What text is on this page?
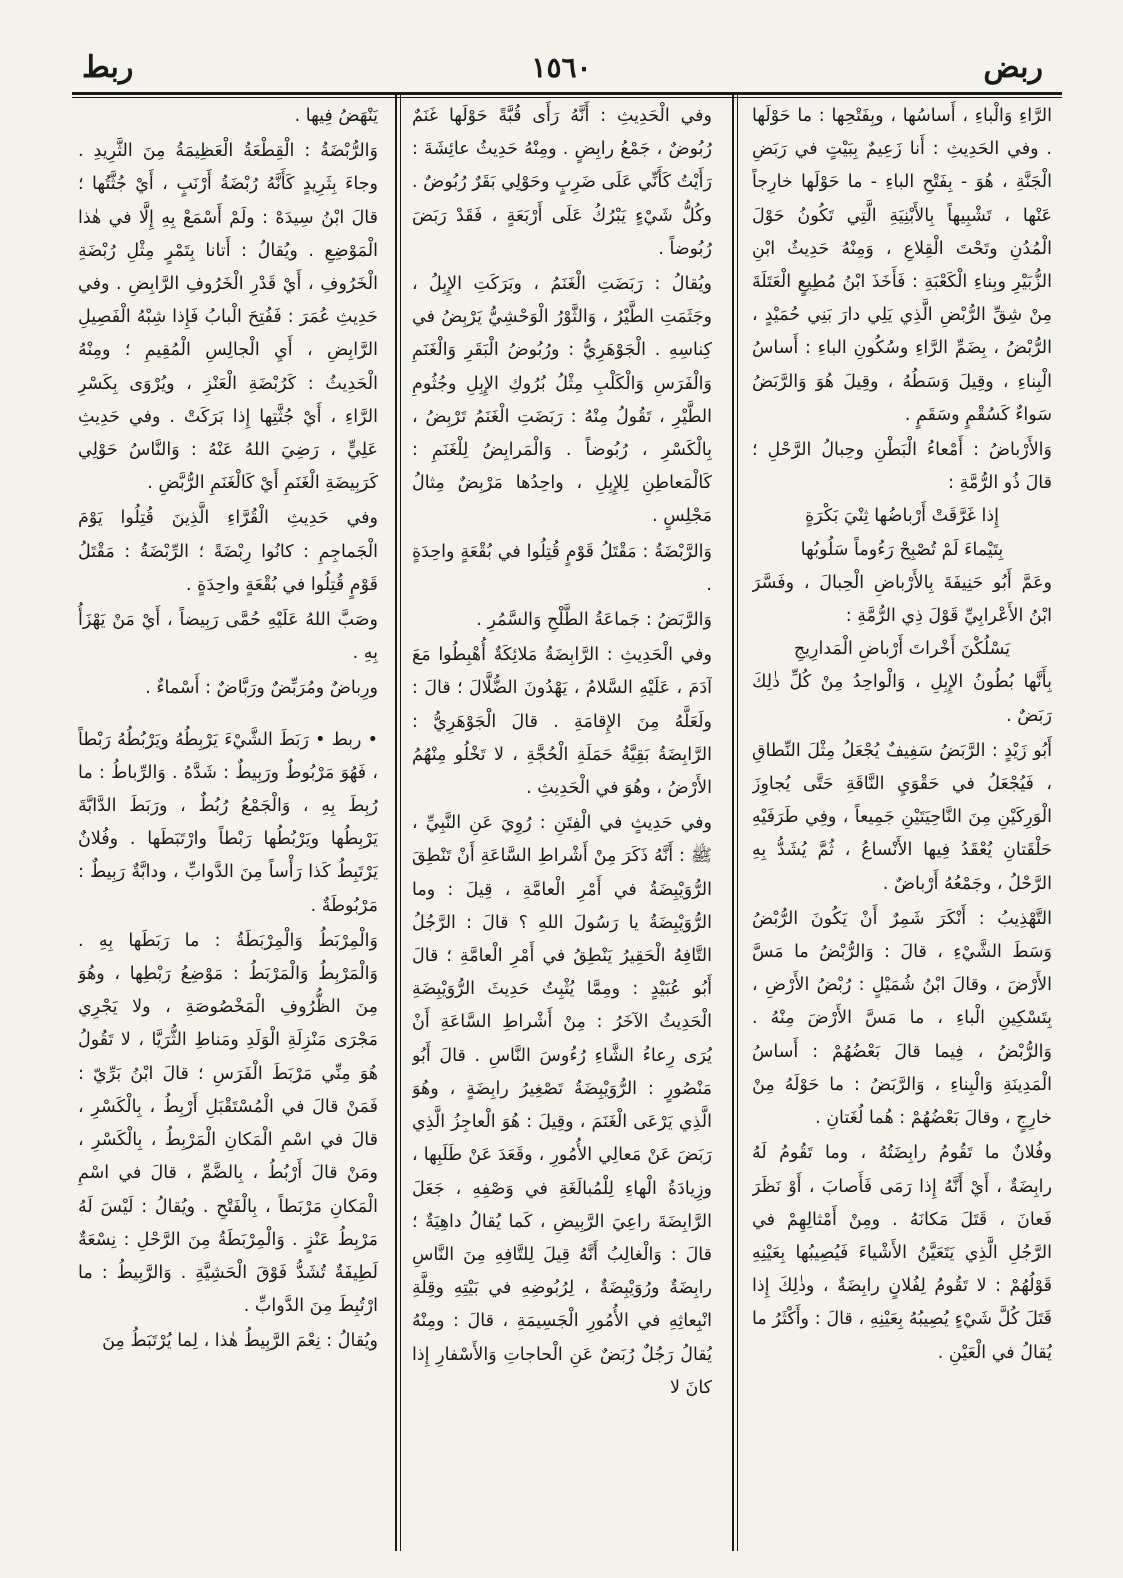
ربض
١٥٦٠
ربط

الرَّاءِ وَالْباءِ ، أَساسُها ، وبِفَتْحِها : ما حَوْلَها . وفي الحَدِيثِ : أَنا زَعِيمٌ بِبَيْتٍ في رَبَضِ الْجَنَّةِ ، هُوَ - بِفَتْحِ الباءِ - ما حَوْلَها خارِجاً عَنْها ، تَشْبِيهاً بِالأَبْنِيَةِ الَّتِي تَكُونُ حَوْلَ الْمُدُنِ وتَحْتَ الْقِلاعِ ، وَمِنْهُ حَدِيثُ ابْنِ الزُّبَيْرِ وبِناءِ الْكَعْبَةِ : فَأَخَذَ ابْنُ مُطِيعٍ الْعَتَلَةَ مِنْ شِقِّ الرُّبْضِ الَّذِي يَلِي دارَ بَنِي حُمَيْدٍ ، الرُّبْضُ ، بِضَمِّ الرَّاءِ وسُكُونِ الباءِ : أَساسُ الْبِناءِ ، وقِيلَ وَسَطُهُ ، وقِيلَ هُوَ وَالرَّبَضُ سَواءٌ كَسُقْمٍ وسَقَمٍ .

وَالأَرْباضُ : أَمْعاءُ الْبَطْنِ وحِبالُ الرَّحْلِ ؛ قالَ ذُو الرُّمَّةِ :

إِذا غَرَّقَتْ أَرْباضُها ثِنْيَ بَكْرَةٍ

بِتَيْماءَ لَمْ تُصْبِحْ رَءُوماً سَلُوبُها

وعَمَّ أَبُو حَنِيفَةَ بِالأَرْباضِ الْحِبالَ ، وفَسَّرَ ابْنُ الأَعْرابِيِّ قَوْلَ ذِي الرُّمَّةِ :

يَسْلُكْنَ أَخْراتَ أَرْباضِ الْمَدارِيجِ

بِأَنَّها بُطُونُ الإِبِلِ ، وَالْواحِدُ مِنْ كُلِّ ذٰلِكَ رَبَضٌ .

أَبُو زَيْدٍ : الرَّبَضُ سَفِيفٌ يُجْعَلُ مِثْلَ النِّطاقِ ، فَيُجْعَلُ في حَقْوَيِ النَّاقَةِ حَتَّى يُجاوِزَ الْوَرِكَيْنِ مِنَ النَّاحِيَتَيْنِ جَمِيعاً ، وفِي طَرَفَيْهِ حَلْقَتانِ يُعْقَدُ فِيها الأَنْساعُ ، ثُمَّ يُشَدُّ بِهِ الرَّحْلُ ، وجَمْعُهُ أَرْباضٌ .

التَّهْذِيبُ : أَنْكَرَ شَمِرٌ أَنْ يَكُونَ الرُّبْضُ وَسَطَ الشَّيْءِ ، قالَ : وَالرُّبْضُ ما مَسَّ الأَرْضَ ، وقالَ ابْنُ شُمَيْلٍ : رُبْضُ الأَرْضِ ، بِتَسْكِينِ الْباءِ ، ما مَسَّ الأَرْضَ مِنْهُ . وَالرُّبْضُ ، فِيما قالَ بَعْضُهُمْ : أَساسُ الْمَدِينَةِ وَالْبِناءِ ، وَالرَّبَضُ : ما حَوْلَهُ مِنْ خارِجٍ ، وقالَ بَعْضُهُمْ : هُما لُغَتانِ .

وفُلانٌ ما تَقُومُ رابِضَتُهُ ، وما تَقُومُ لَهُ رابِضَةٌ ، أَيْ أَنَّهُ إِذا رَمَى فَأَصابَ ، أَوْ نَظَرَ فَعانَ ، قَتَلَ مَكانَهُ . ومِنْ أَمْثالِهِمْ في الرَّجُلِ الَّذِي يَتَعَيَّنُ الأَشْياءَ فَيُصِيبُها بِعَيْنِهِ قَوْلُهُمْ : لا تَقُومُ لِفُلانٍ رابِضَةٌ ، وذٰلِكَ إِذا قَتَلَ كُلَّ شَيْءٍ يُصِيبُهُ بِعَيْنِهِ ، قالَ : وأَكْثَرُ ما يُقالُ في الْعَيْنِ .

وفي الْحَدِيثِ : أَنَّهُ رَأَى قُبَّةً حَوْلَها غَنَمٌ رُبُوضٌ ، جَمْعُ رابِضٍ . ومِنْهُ حَدِيثُ عائِشَةَ : رَأَيْتُ كَأَنِّي عَلَى ضَرِبٍ وحَوْلِي بَقَرٌ رُبُوضٌ . وكُلُّ شَيْءٍ يَبْرُكُ عَلَى أَرْبَعَةٍ ، فَقَدْ رَبَضَ رُبُوضاً .

ويُقالُ : رَبَضَتِ الْغَنَمُ ، وبَرَكَتِ الإِبِلُ ، وجَثَمَتِ الطَّيْرُ ، وَالثَّوْرُ الْوَحْشِيُّ يَرْبِضُ في كِناسِهِ . الْجَوْهَرِيُّ : ورُبُوضُ الْبَقَرِ وَالْغَنَمِ وَالْفَرَسِ وَالْكَلْبِ مِثْلُ بُرُوكِ الإِبِلِ وجُثُومِ الطَّيْرِ ، تَقُولُ مِنْهُ : رَبَضَتِ الْغَنَمُ تَرْبِضُ ، بِالْكَسْرِ ، رُبُوضاً . وَالْمَرابِضُ لِلْغَنَمِ : كَالْمَعاطِنِ لِلإِبِلِ ، واحِدُها مَرْبِضٌ مِثالُ مَجْلِسٍ .

وَالرَّبْضَةُ : مَقْتَلُ قَوْمٍ قُتِلُوا في بُقْعَةٍ واحِدَةٍ .

وَالرَّبَضُ : جَماعَةُ الطَّلْحِ وَالسَّمُرِ .

وفي الْحَدِيثِ : الرَّابِضَةُ مَلائِكَةٌ أُهْبِطُوا مَعَ آدَمَ ، عَلَيْهِ السَّلامُ ، يَهْدُونَ الضُّلَّالَ ؛ قالَ : ولَعَلَّهُ مِنَ الإِقامَةِ . قالَ الْجَوْهَرِيُّ : الرَّابِضَةُ بَقِيَّةُ حَمَلَةِ الْحُجَّةِ ، لا تَخْلُو مِنْهُمُ الأَرْضُ ، وهُوَ في الْحَدِيثِ .

وفي حَدِيثٍ في الْفِتَنِ : رُوِيَ عَنِ النَّبِيِّ ، ﷺ : أَنَّهُ ذَكَرَ مِنْ أَشْراطِ السَّاعَةِ أَنْ تَنْطِقَ الرُّوَيْبِضَةُ في أَمْرِ الْعامَّةِ ، قِيلَ : وما الرُّوَيْبِضَةُ يا رَسُولَ اللهِ ؟ قالَ : الرَّجُلُ التَّافِهُ الْحَقِيرُ يَنْطِقُ في أَمْرِ الْعامَّةِ ؛ قالَ أَبُو عُبَيْدٍ : ومِمَّا يُثْبِتُ حَدِيثَ الرُّوَيْبِضَةِ الْحَدِيثُ الآخَرُ : مِنْ أَشْراطِ السَّاعَةِ أَنْ يُرَى رِعاءُ الشَّاءِ رُءُوسَ النَّاسِ . قالَ أَبُو مَنْصُورٍ : الرُّوَيْبِضَةُ تَصْغِيرُ رابِضَةٍ ، وهُوَ الَّذِي يَرْعَى الْغَنَمَ ، وقِيلَ : هُوَ الْعاجِزُ الَّذِي رَبَضَ عَنْ مَعالِي الأُمُورِ ، وقَعَدَ عَنْ طَلَبِها ، وزِيادَةُ الْهاءِ لِلْمُبالَغَةِ في وَصْفِهِ ، جَعَلَ الرَّابِضَةَ راعِيَ الرَّبِيضِ ، كَما يُقالُ داهِيَةٌ ؛ قالَ : وَالْغالِبُ أَنَّهُ قِيلَ لِلتَّافِهِ مِنَ النَّاسِ رابِضَةٌ ورُوَيْبِضَةٌ ، لِرُبُوضِهِ في بَيْتِهِ وقِلَّةِ انْبِعاثِهِ في الأُمُورِ الْجَسِيمَةِ ، قالَ : ومِنْهُ يُقالُ رَجُلٌ رُبَضٌ عَنِ الْحاجاتِ وَالأَسْفارِ إِذا كانَ لا

يَنْهَضُ فِيها .

وَالرُّبْضَةُ : الْقِطْعَةُ الْعَظِيمَةُ مِنَ الثَّرِيدِ . وجاءَ بِثَرِيدٍ كَأَنَّهُ رُبْضَةُ أَرْنَبٍ ، أَيْ جُثَّتُها ؛ قالَ ابْنُ سِيدَهْ : ولَمْ أَسْمَعْ بِهِ إِلَّا في هٰذا الْمَوْضِعِ . ويُقالُ : أَتانا بِتَمْرٍ مِثْلِ رُبْضَةِ الْخَرُوفِ ، أَيْ قَدْرِ الْخَرُوفِ الرَّابِضِ . وفي حَدِيثِ عُمَرَ : فَفُتِحَ الْبابُ فَإِذا شِبْهُ الْفَصِيلِ الرَّابِضِ ، أَيِ الْجالِسِ الْمُقِيمِ ؛ ومِنْهُ الْحَدِيثُ : كَرُبْضَةِ الْعَنْزِ ، ويُرْوَى بِكَسْرِ الرَّاءِ ، أَيْ جُثَّتِها إِذا بَرَكَتْ . وفي حَدِيثِ عَلِيٍّ ، رَضِيَ اللهُ عَنْهُ : وَالنَّاسُ حَوْلِي كَرَبِيضَةِ الْغَنَمِ أَيْ كَالْغَنَمِ الرُّبَّضِ .

وفي حَدِيثِ الْقُرَّاءِ الَّذِينَ قُتِلُوا يَوْمَ الْجَماجِمِ : كانُوا رِبْضَةً ؛ الرِّبْضَةُ : مَقْتَلُ قَوْمٍ قُتِلُوا في بُقْعَةٍ واحِدَةٍ .

وصَبَّ اللهُ عَلَيْهِ حُمَّى رَبِيضاً ، أَيْ مَنْ يَهْزَأُ بِهِ .

ورِباضٌ ومُرَبِّضٌ ورَبَّاضٌ : أَسْماءٌ .

• ربط • رَبَطَ الشَّيْءَ يَرْبِطُهُ ويَرْبُطُهُ رَبْطاً ، فَهُوَ مَرْبُوطٌ ورَبِيطٌ : شَدَّهُ . وَالرِّباطُ : ما رُبِطَ بِهِ ، وَالْجَمْعُ رُبُطٌ ، ورَبَطَ الدَّابَّةَ يَرْبِطُها ويَرْبُطُها رَبْطاً وارْتَبَطَها . وفُلانٌ يَرْتَبِطُ كَذا رَأْساً مِنَ الدَّوابِّ ، ودابَّةٌ رَبِيطٌ : مَرْبُوطَةٌ .

وَالْمِرْبَطُ وَالْمِرْبَطَةُ : ما رَبَطَها بِهِ . وَالْمَرْبِطُ وَالْمَرْبَطُ : مَوْضِعُ رَبْطِها ، وهُوَ مِنَ الظُّرُوفِ الْمَخْصُوصَةِ ، ولا يَجْرِي مَجْرَى مَنْزِلَةِ الْوَلَدِ ومَناطِ الثُّرَيَّا ، لا تَقُولُ هُوَ مِنِّي مَرْبَطَ الْفَرَسِ ؛ قالَ ابْنُ بَرِّيّ : فَمَنْ قالَ في الْمُسْتَقْبَلِ أَرْبِطُ ، بِالْكَسْرِ ، قالَ في اسْمِ الْمَكانِ الْمَرْبِطُ ، بِالْكَسْرِ ، ومَنْ قالَ أَرْبُطُ ، بِالضَّمِّ ، قالَ في اسْمِ الْمَكانِ مَرْبَطاً ، بِالْفَتْحِ . ويُقالُ : لَيْسَ لَهُ مَرْبِطُ عَنْزٍ . وَالْمِرْبَطَةُ مِنَ الرَّحْلِ : نِسْعَةٌ لَطِيفَةٌ تُشَدُّ فَوْقَ الْحَشِيَّةِ . وَالرَّبِيطُ : ما ارْتُبِطَ مِنَ الدَّوابِّ .

ويُقالُ : نِعْمَ الرَّبِيطُ هٰذا ، لِما يُرْتَبَطُ مِنَ
